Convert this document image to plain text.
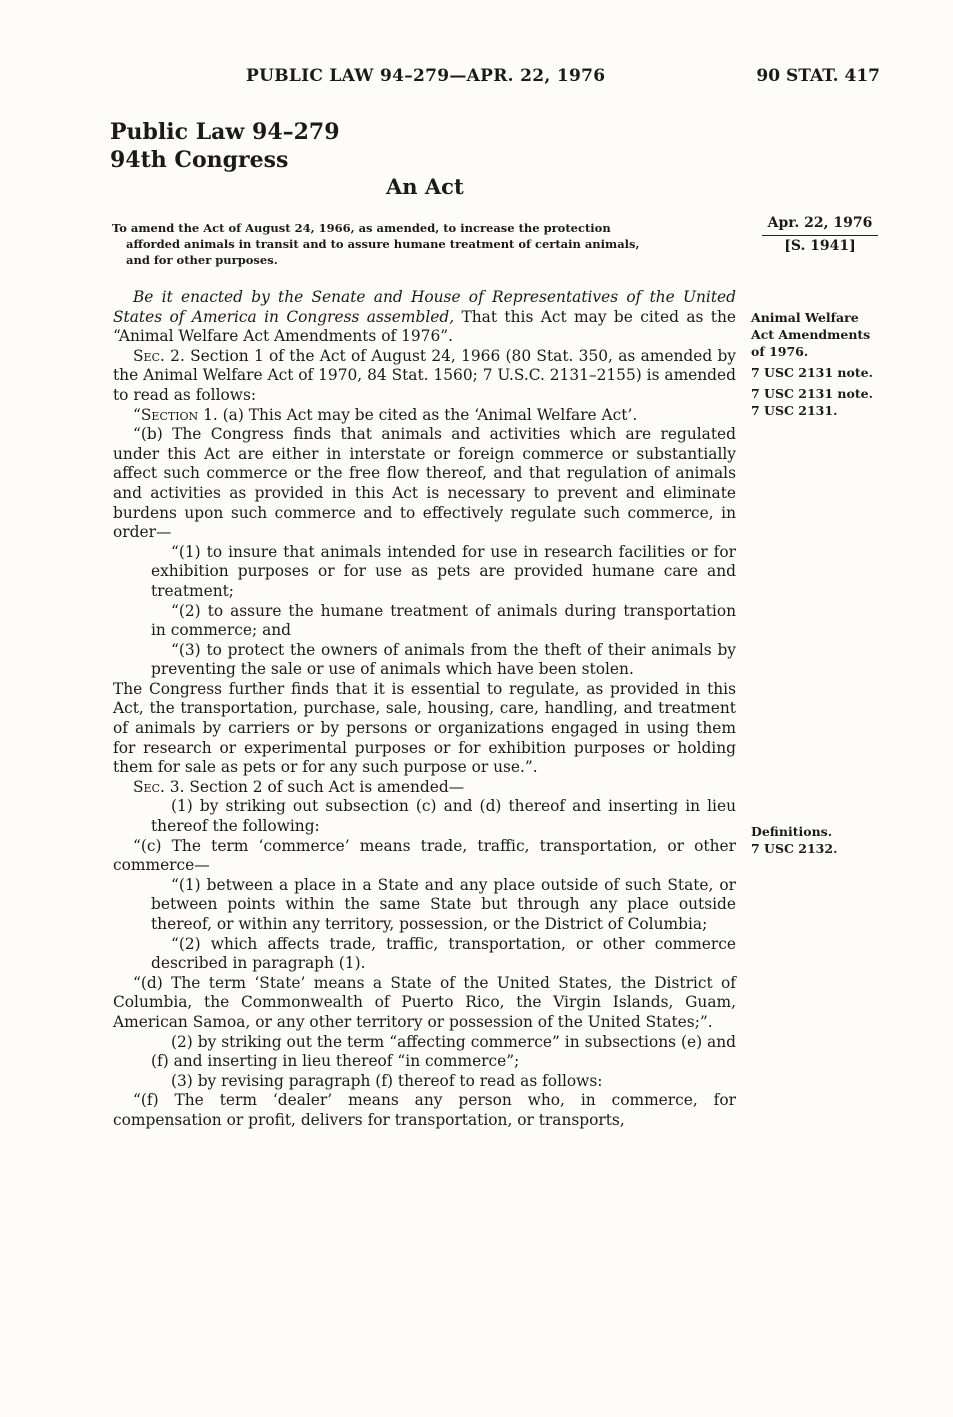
PUBLIC LAW 94–279—APR. 22, 1976	90 STAT. 417
Public Law 94–279
94th Congress
An Act
To amend the Act of August 24, 1966, as amended, to increase the protection
afforded animals in transit and to assure humane treatment of certain animals,
and for other purposes.
Apr. 22, 1976
[S. 1941]
Animal Welfare
Act Amendments
of 1976.
7 USC 2131 note.
7 USC 2131 note.
7 USC 2131.
Definitions.
7 USC 2132.

Be it enacted by the Senate and House of Representatives of the United States of America in Congress assembled, That this Act may be cited as the “Animal Welfare Act Amendments of 1976”.

Sec. 2. Section 1 of the Act of August 24, 1966 (80 Stat. 350, as amended by the Animal Welfare Act of 1970, 84 Stat. 1560; 7 U.S.C. 2131–2155) is amended to read as follows:

“Section 1. (a) This Act may be cited as the ‘Animal Welfare Act’.

“(b) The Congress finds that animals and activities which are regulated under this Act are either in interstate or foreign commerce or substantially affect such commerce or the free flow thereof, and that regulation of animals and activities as provided in this Act is necessary to prevent and eliminate burdens upon such commerce and to effectively regulate such commerce, in order—

“(1) to insure that animals intended for use in research facilities or for exhibition purposes or for use as pets are provided humane care and treatment;

“(2) to assure the humane treatment of animals during transportation in commerce; and

“(3) to protect the owners of animals from the theft of their animals by preventing the sale or use of animals which have been stolen.

The Congress further finds that it is essential to regulate, as provided in this Act, the transportation, purchase, sale, housing, care, handling, and treatment of animals by carriers or by persons or organizations engaged in using them for research or experimental purposes or for exhibition purposes or holding them for sale as pets or for any such purpose or use.”.

Sec. 3. Section 2 of such Act is amended—

(1) by striking out subsection (c) and (d) thereof and inserting in lieu thereof the following:

“(c) The term ‘commerce’ means trade, traffic, transportation, or other commerce—

“(1) between a place in a State and any place outside of such State, or between points within the same State but through any place outside thereof, or within any territory, possession, or the District of Columbia;

“(2) which affects trade, traffic, transportation, or other commerce described in paragraph (1).

“(d) The term ‘State’ means a State of the United States, the District of Columbia, the Commonwealth of Puerto Rico, the Virgin Islands, Guam, American Samoa, or any other territory or possession of the United States;”.

(2) by striking out the term “affecting commerce” in subsections (e) and (f) and inserting in lieu thereof “in commerce”;

(3) by revising paragraph (f) thereof to read as follows:

“(f) The term ‘dealer’ means any person who, in commerce, for compensation or profit, delivers for transportation, or transports,
